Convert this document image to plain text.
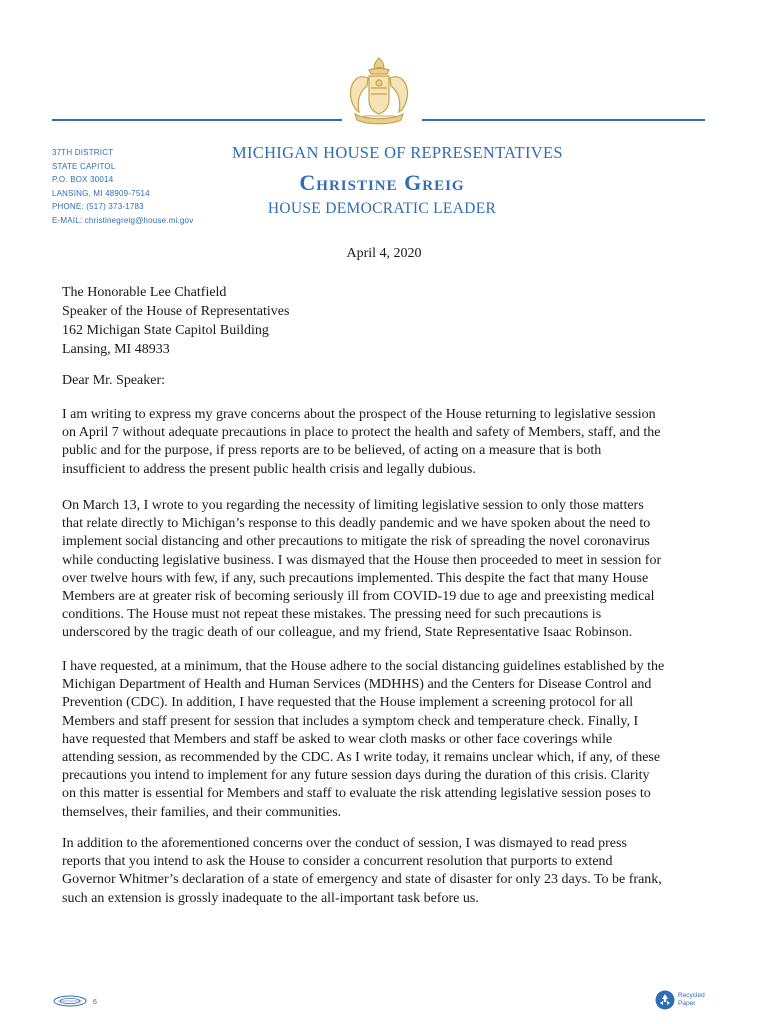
37TH DISTRICT
STATE CAPITOL
P.O. BOX 30014
LANSING, MI 48909-7514
PHONE: (517) 373-1783
E-MAIL: christinegreig@house.mi.gov
MICHIGAN HOUSE OF REPRESENTATIVES
Christine Greig
HOUSE DEMOCRATIC LEADER
April 4, 2020
The Honorable Lee Chatfield
Speaker of the House of Representatives
162 Michigan State Capitol Building
Lansing, MI 48933
Dear Mr. Speaker:
I am writing to express my grave concerns about the prospect of the House returning to legislative session
on April 7 without adequate precautions in place to protect the health and safety of Members, staff, and the
public and for the purpose, if press reports are to be believed, of acting on a measure that is both
insufficient to address the present public health crisis and legally dubious.
On March 13, I wrote to you regarding the necessity of limiting legislative session to only those matters
that relate directly to Michigan’s response to this deadly pandemic and we have spoken about the need to
implement social distancing and other precautions to mitigate the risk of spreading the novel coronavirus
while conducting legislative business. I was dismayed that the House then proceeded to meet in session for
over twelve hours with few, if any, such precautions implemented. This despite the fact that many House
Members are at greater risk of becoming seriously ill from COVID-19 due to age and preexisting medical
conditions. The House must not repeat these mistakes. The pressing need for such precautions is
underscored by the tragic death of our colleague, and my friend, State Representative Isaac Robinson.
I have requested, at a minimum, that the House adhere to the social distancing guidelines established by the
Michigan Department of Health and Human Services (MDHHS) and the Centers for Disease Control and
Prevention (CDC). In addition, I have requested that the House implement a screening protocol for all
Members and staff present for session that includes a symptom check and temperature check. Finally, I
have requested that Members and staff be asked to wear cloth masks or other face coverings while
attending session, as recommended by the CDC. As I write today, it remains unclear which, if any, of these
precautions you intend to implement for any future session days during the duration of this crisis. Clarity
on this matter is essential for Members and staff to evaluate the risk attending legislative session poses to
themselves, their families, and their communities.
In addition to the aforementioned concerns over the conduct of session, I was dismayed to read press
reports that you intend to ask the House to consider a concurrent resolution that purports to extend
Governor Whitmer’s declaration of a state of emergency and state of disaster for only 23 days. To be frank,
such an extension is grossly inadequate to the all-important task before us.
6
Recycled
Paper
